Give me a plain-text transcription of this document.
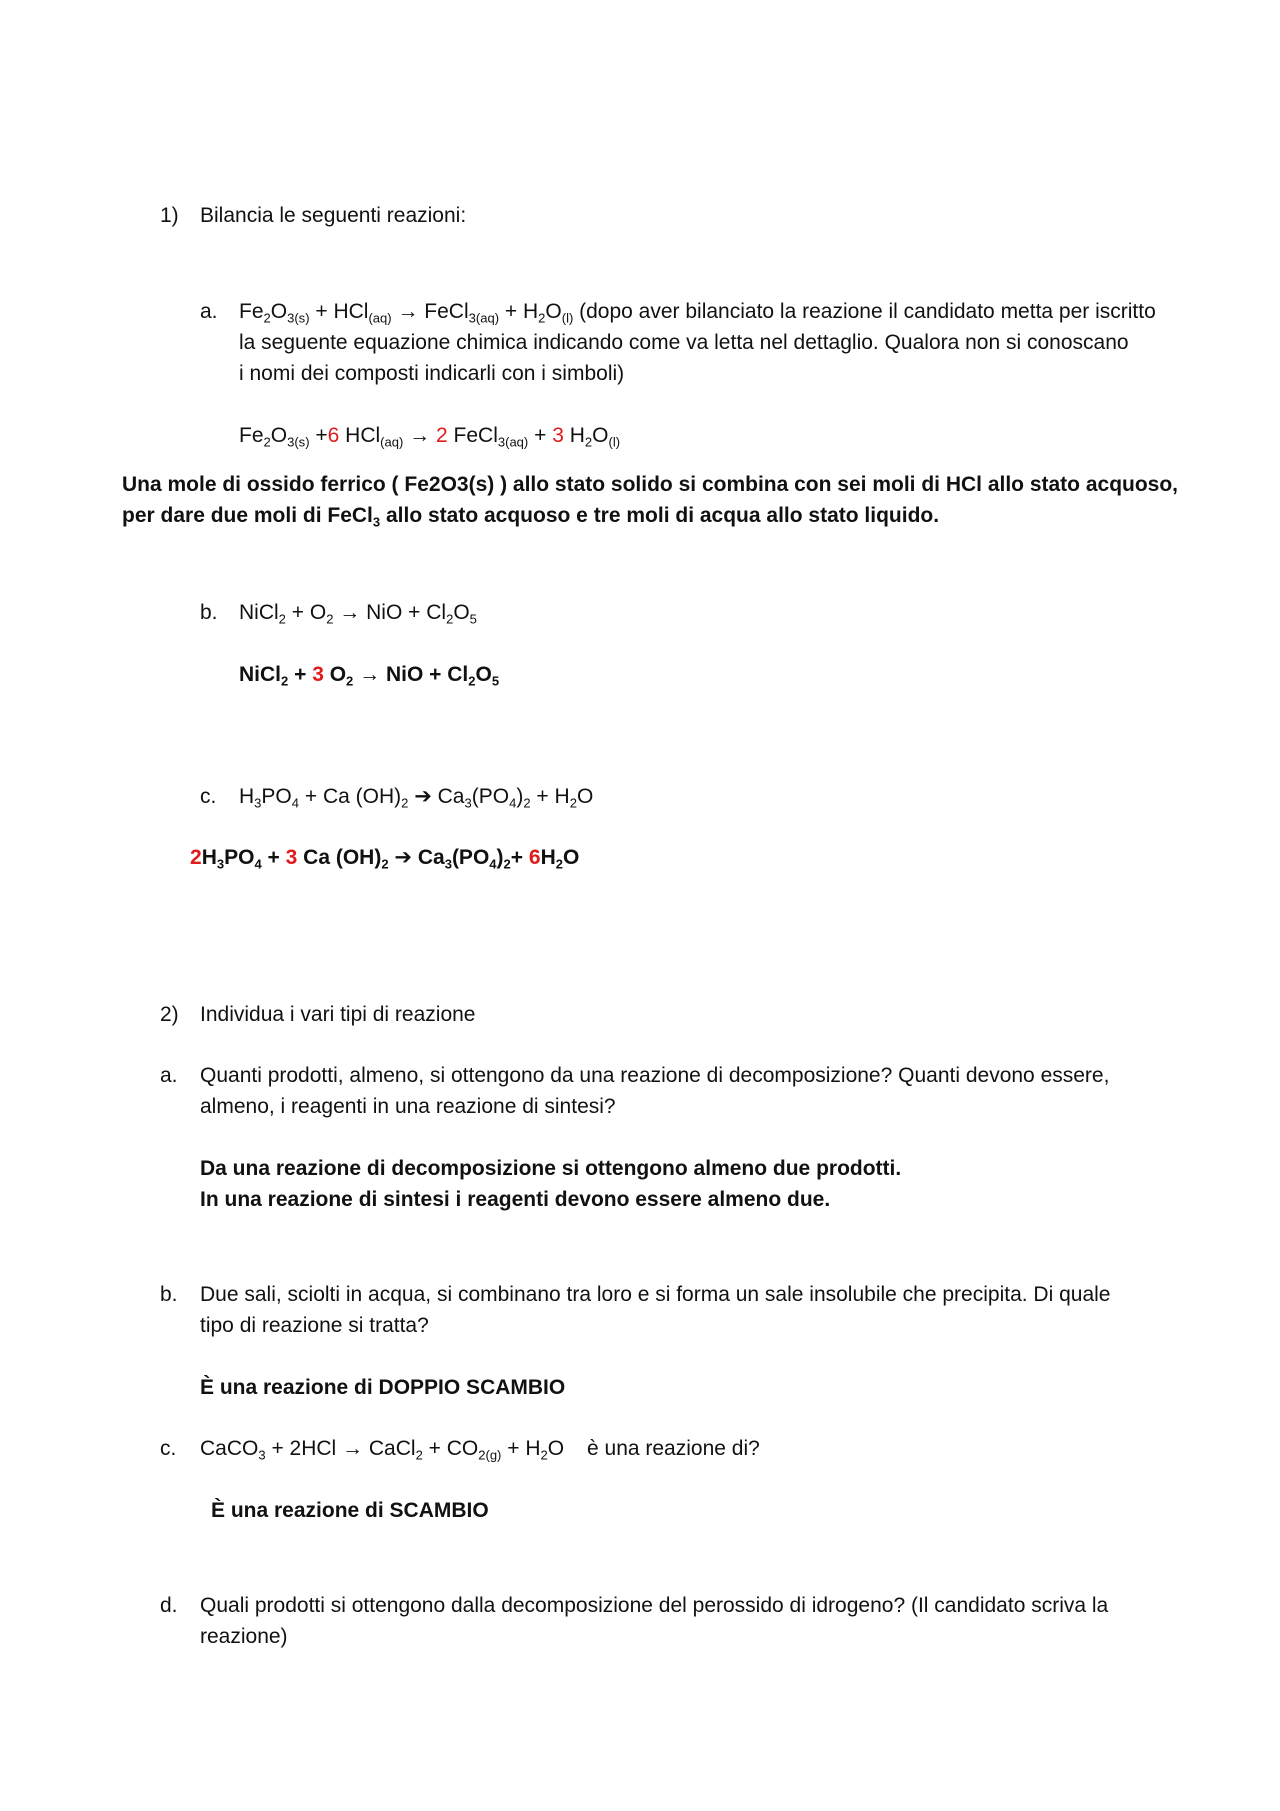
1) Bilancia le seguenti reazioni:
a. $Fe_2O_{3(s)} + HCl_{(aq)}$ → FeCl$_{3(aq)}$ + $H_2O_{(l)}$ (dopo aver bilanciato la reazione il candidato metta per iscritto
la seguente equazione chimica indicando come va letta nel dettaglio. Qualora non si conoscano
i nomi dei composti indicarli con i simboli)
$Fe_2O_{3(s)} +6$ HCl$_{(aq)}$ → 2 FeCl$_{3(aq)}$ + 3 $H_2O_{(l)}$
Una mole di ossido ferrico ( Fe2O3(s) ) allo stato solido si combina con sei moli di HCl allo stato acquoso,
per dare due moli di FeCl$_3$ allo stato acquoso e tre moli di acqua allo stato liquido.
b. NiCl$_2$ + $O_2$ → NiO + $Cl_2O_5$
NiCl$_2$ + 3 $O_2$ → NiO + $Cl_2O_5$
c. $H_3PO_4 + Ca$ $(OH)_2$ ➔ $Ca_3(PO_4)_2 + H_2O$
$2H_3PO_4 + 3$ Ca $(OH)_2$ ➔ $Ca_3(PO_4)_2+ 6H_2O$
2) Individua i vari tipi di reazione
a. Quanti prodotti, almeno, si ottengono da una reazione di decomposizione? Quanti devono essere,
almeno, i reagenti in una reazione di sintesi?
Da una reazione di decomposizione si ottengono almeno due prodotti.
In una reazione di sintesi i reagenti devono essere almeno due.
b. Due sali, sciolti in acqua, si combinano tra loro e si forma un sale insolubile che precipita. Di quale
tipo di reazione si tratta?
È una reazione di DOPPIO SCAMBIO
c. CaCO$_3$ + 2HCl → CaCl$_2$ + $CO_{2(g)} + H_2O$ è una reazione di?
È una reazione di SCAMBIO
d. Quali prodotti si ottengono dalla decomposizione del perossido di idrogeno? (Il candidato scriva la
reazione)
